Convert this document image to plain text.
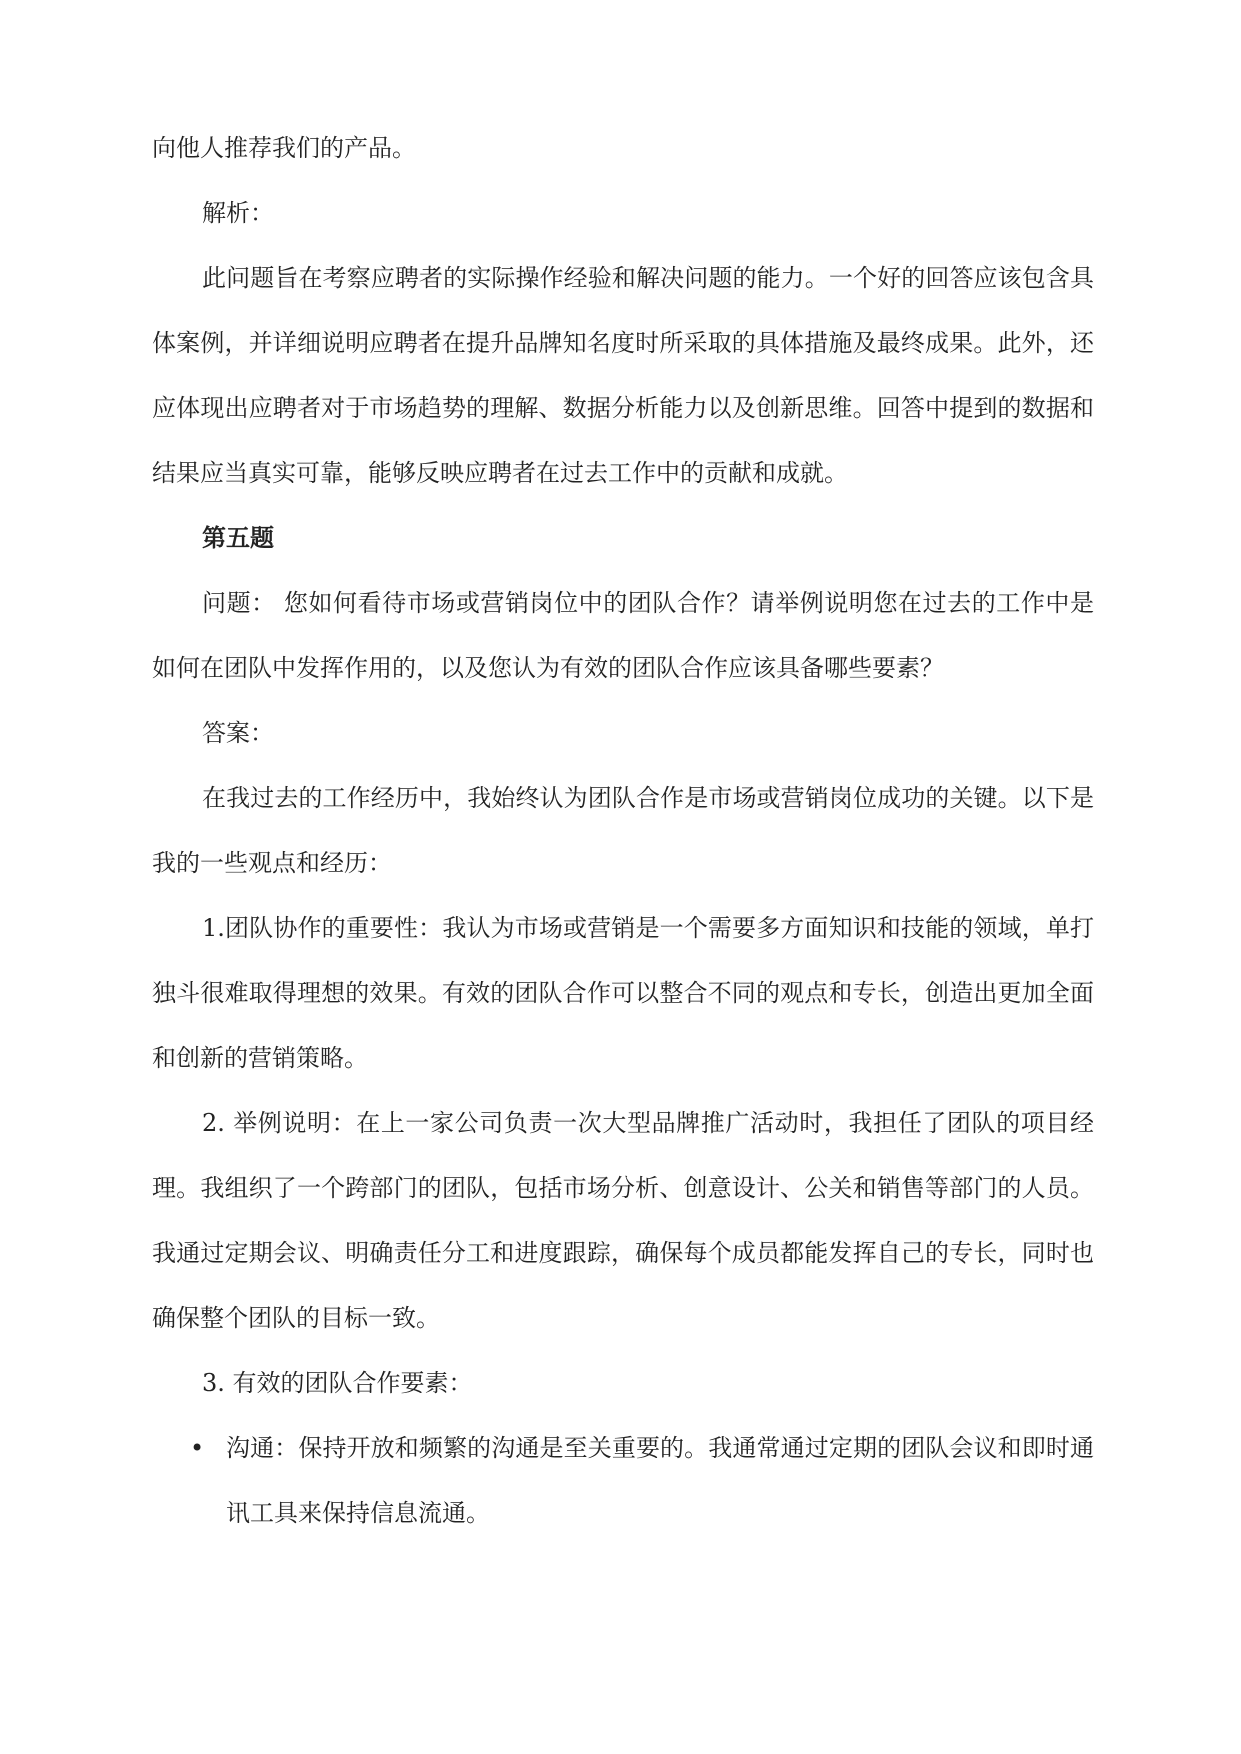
向他人推荐我们的产品。

解析：

此问题旨在考察应聘者的实际操作经验和解决问题的能力。一个好的回答应该包含具体案例，并详细说明应聘者在提升品牌知名度时所采取的具体措施及最终成果。此外，还应体现出应聘者对于市场趋势的理解、数据分析能力以及创新思维。回答中提到的数据和结果应当真实可靠，能够反映应聘者在过去工作中的贡献和成就。

第五题

问题： 您如何看待市场或营销岗位中的团队合作？请举例说明您在过去的工作中是如何在团队中发挥作用的，以及您认为有效的团队合作应该具备哪些要素？

答案：

在我过去的工作经历中，我始终认为团队合作是市场或营销岗位成功的关键。以下是我的一些观点和经历：

1.团队协作的重要性：我认为市场或营销是一个需要多方面知识和技能的领域，单打独斗很难取得理想的效果。有效的团队合作可以整合不同的观点和专长，创造出更加全面和创新的营销策略。

2. 举例说明：在上一家公司负责一次大型品牌推广活动时，我担任了团队的项目经理。我组织了一个跨部门的团队，包括市场分析、创意设计、公关和销售等部门的人员。我通过定期会议、明确责任分工和进度跟踪，确保每个成员都能发挥自己的专长，同时也确保整个团队的目标一致。

3. 有效的团队合作要素：

• 沟通：保持开放和频繁的沟通是至关重要的。我通常通过定期的团队会议和即时通讯工具来保持信息流通。
